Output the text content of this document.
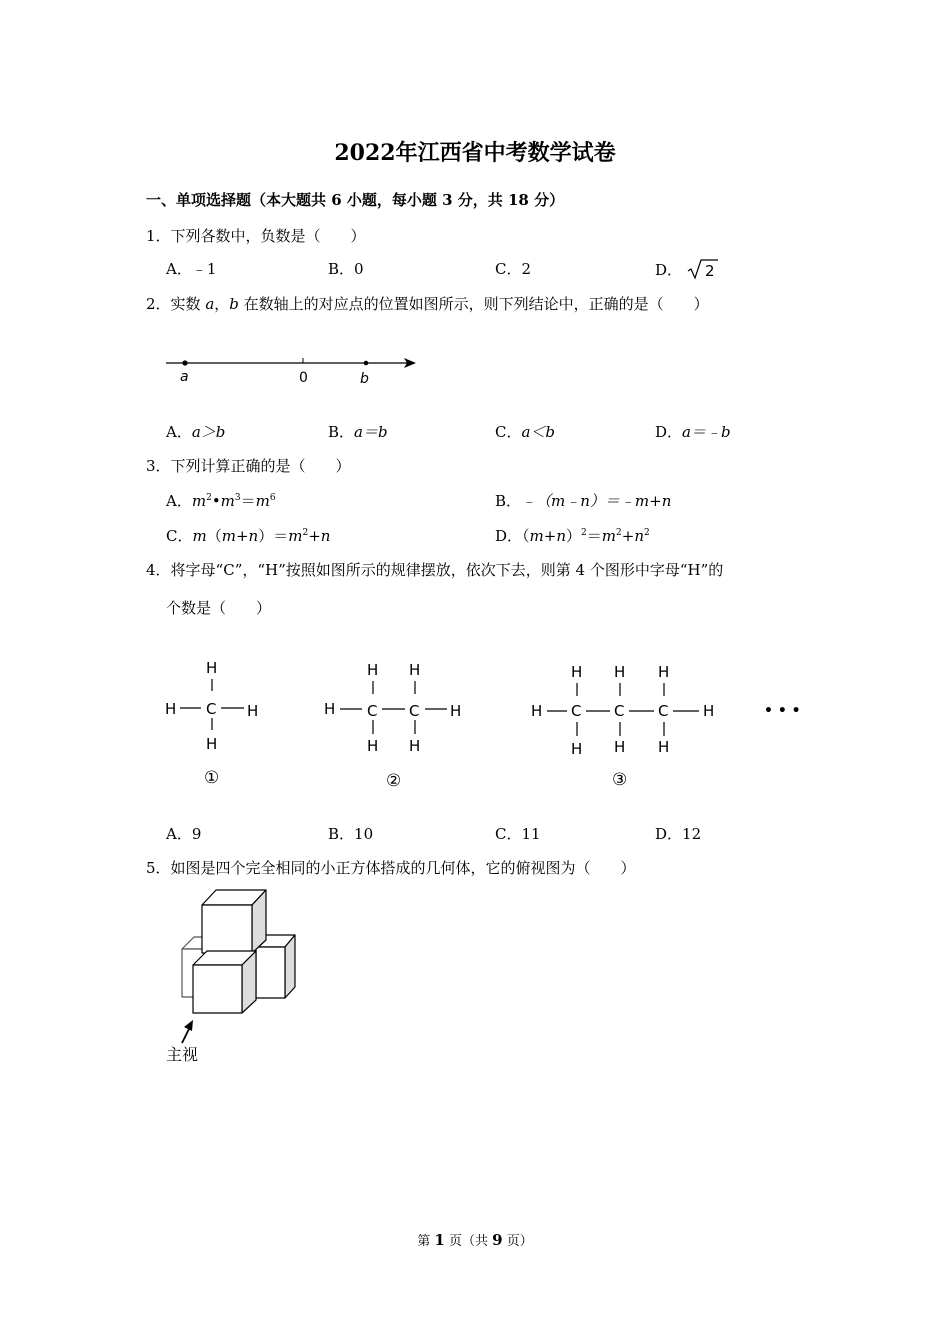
2022年江西省中考数学试卷
一、单项选择题（本大题共 6 小题，每小题 3 分，共 18 分）
1．下列各数中，负数是（　　）
A．﹣1	B．0	C．2	D． 2
2．实数 a，b 在数轴上的对应点的位置如图所示，则下列结论中，正确的是（　　）
a	0	b
A．a＞b	B．a＝b	C．a＜b	D．a＝﹣b
3．下列计算正确的是（　　）
A．$m^2•m^3=m^6$	B．﹣（m﹣n）＝﹣m+n
C．$m(m+n)=m^2+n$	D．$(m+n)^2=m^2+n^2$
4．将字母“C”，“H”按照如图所示的规律摆放，依次下去，则第 4 个图形中字母“H”的
个数是（　　）
H
H C H
H
①
H H
H C C H
H H
②
H H H
H C C C H
H H H
③
• • •
A．9	B．10	C．11	D．12
5．如图是四个完全相同的小正方体搭成的几何体，它的俯视图为（　　）
主视
第 1 页（共 9 页）
